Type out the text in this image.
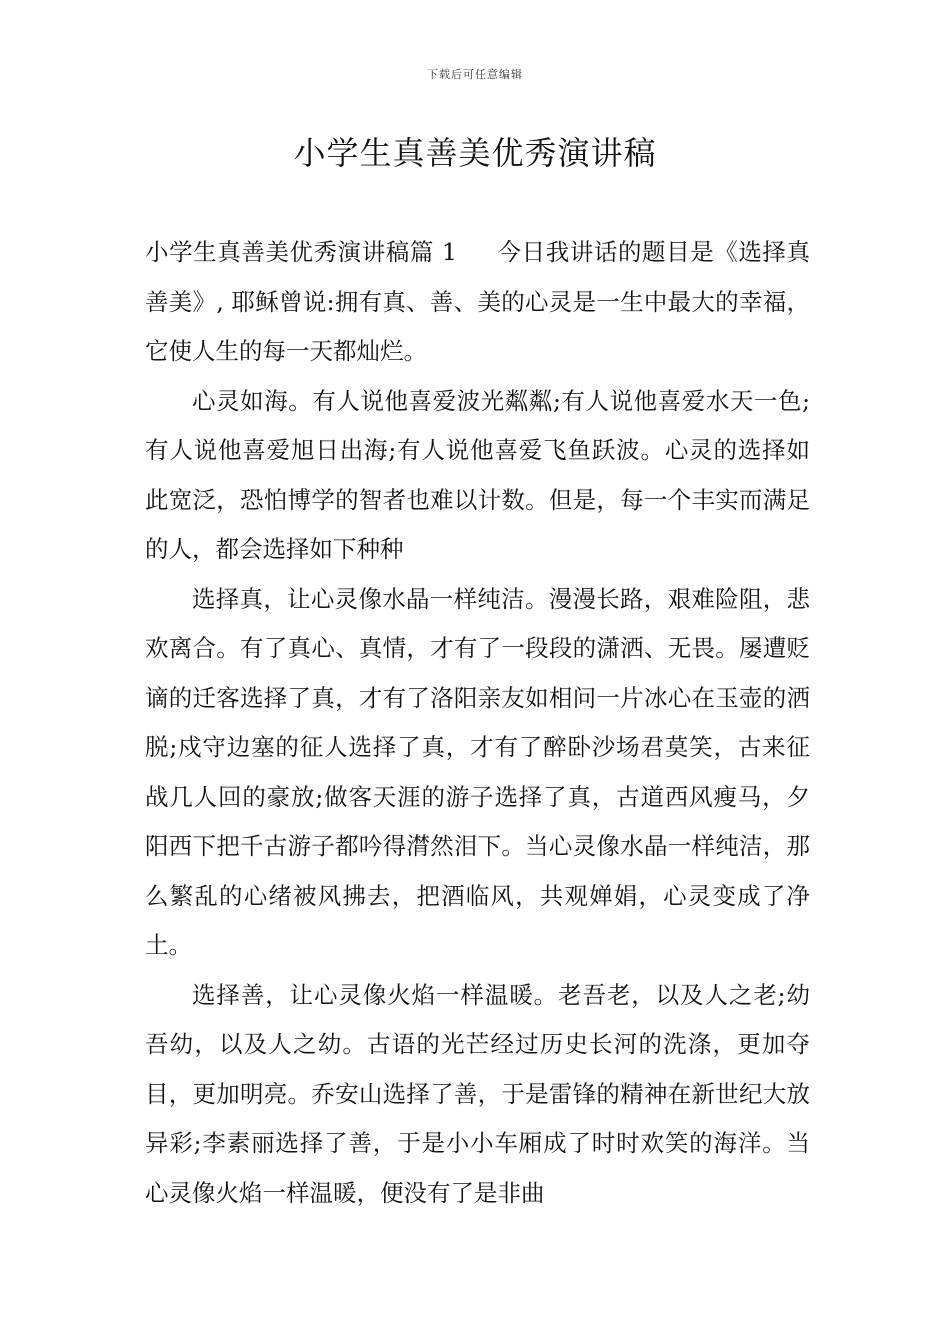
下载后可任意编辑
小学生真善美优秀演讲稿

小学生真善美优秀演讲稿篇 1 今日我讲话的题目是《选择真善美》, 耶稣曾说:拥有真、善、美的心灵是一生中最大的幸福，它使人生的每一天都灿烂。

心灵如海。有人说他喜爱波光粼粼;有人说他喜爱水天一色;有人说他喜爱旭日出海;有人说他喜爱飞鱼跃波。心灵的选择如此宽泛，恐怕博学的智者也难以计数。但是，每一个丰实而满足的人，都会选择如下种种

选择真，让心灵像水晶一样纯洁。漫漫长路，艰难险阻，悲欢离合。有了真心、真情，才有了一段段的潇洒、无畏。屡遭贬谪的迁客选择了真，才有了洛阳亲友如相问一片冰心在玉壶的洒脱;戍守边塞的征人选择了真，才有了醉卧沙场君莫笑，古来征战几人回的豪放;做客天涯的游子选择了真，古道西风瘦马，夕阳西下把千古游子都吟得潸然泪下。当心灵像水晶一样纯洁，那么繁乱的心绪被风拂去，把酒临风，共观婵娟，心灵变成了净土。

选择善，让心灵像火焰一样温暖。老吾老，以及人之老;幼吾幼，以及人之幼。古语的光芒经过历史长河的洗涤，更加夺目，更加明亮。乔安山选择了善，于是雷锋的精神在新世纪大放异彩;李素丽选择了善，于是小小车厢成了时时欢笑的海洋。当心灵像火焰一样温暖，便没有了是非曲
